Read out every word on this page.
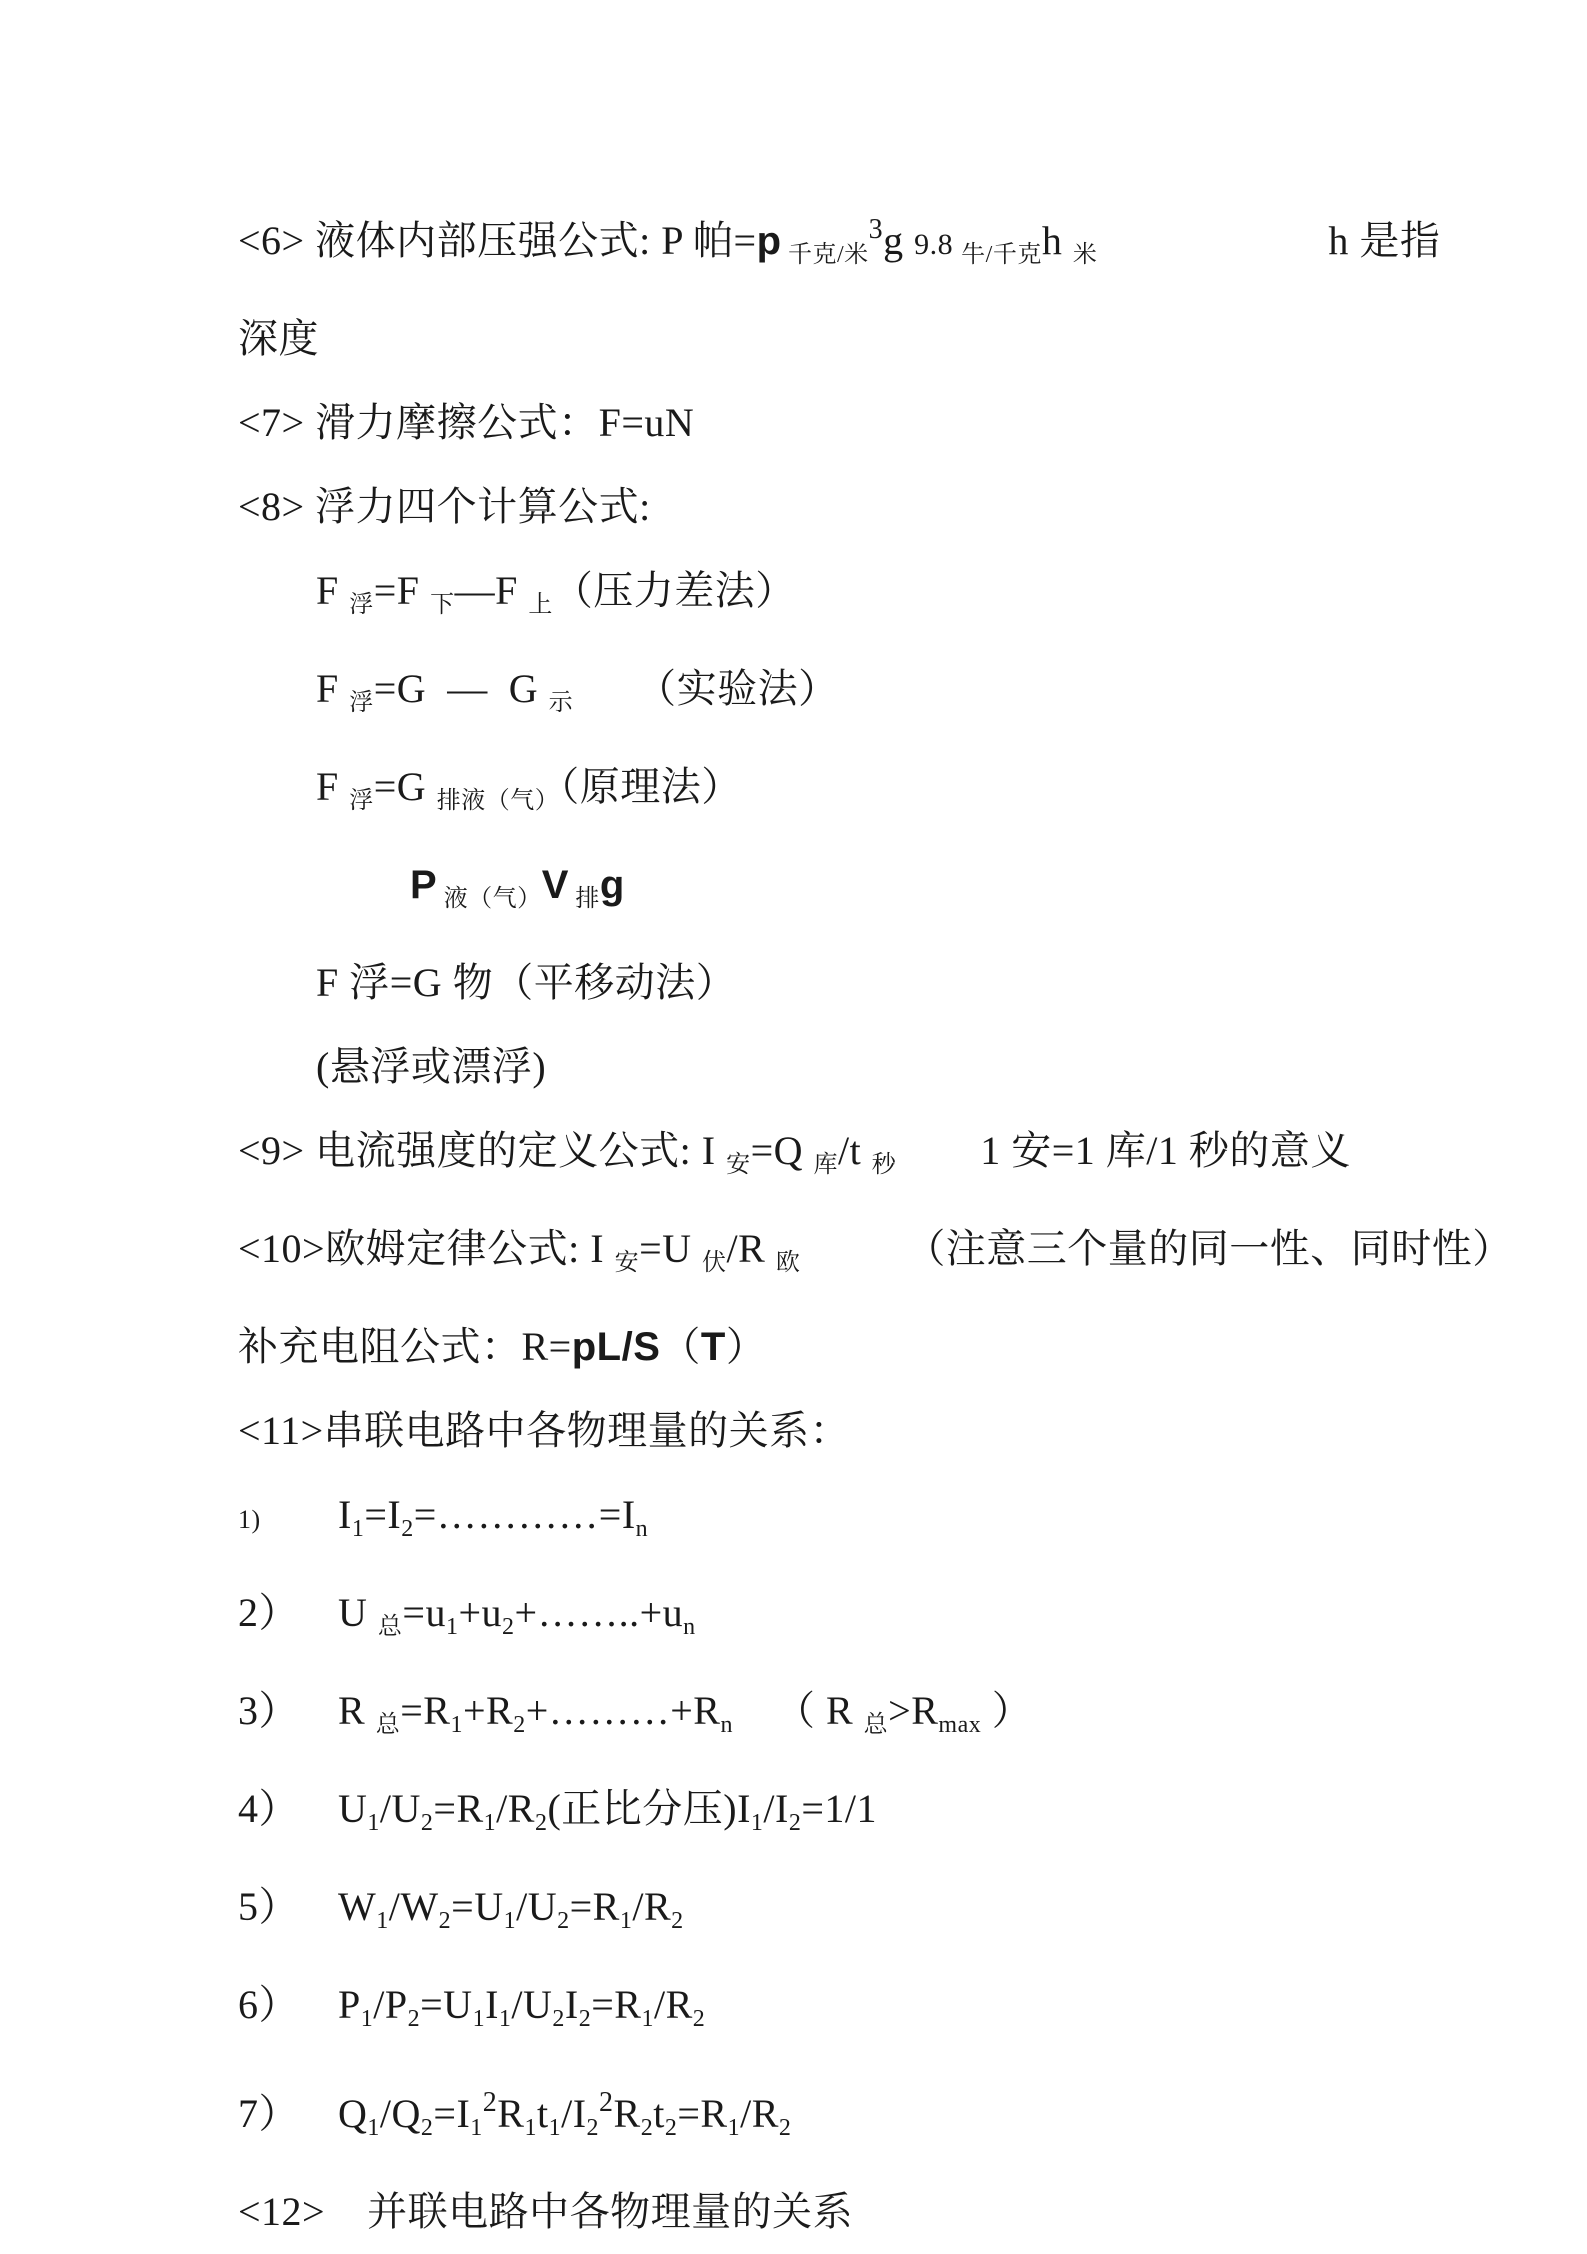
<6> 液体内部压强公式: P 帕=p $_{千克/米}^3$g 9.8 $_{牛/千克}$h $_米$                      h 是指
深度
<7> 滑力摩擦公式：F=uN
<8> 浮力四个计算公式:
F $_浮$=F $_下$—F $_上$（压力差法）
F $_浮$=G  —  G $_示$      （实验法）
F $_浮$=G $_{排液(气)}$（原理法）
P $_{液(气)}$V $_排$g
F 浮=G 物（平移动法）
(悬浮或漂浮)
<9> 电流强度的定义公式: I $_安$=Q $_库$/t $_秒$        1 安=1 库/1 秒的意义
<10>欧姆定律公式: I $_安$=U $_伏$/R $_欧$          （注意三个量的同一性、同时性）
补充电阻公式：R=pL/S（T）
<11>串联电路中各物理量的关系：
1) $I_1=I_2=\dots\dots\dots\dots=I_n$
2） U $_总=u_1+u_2+\dots\dots..+u_n$
3） R $_总=R_1+R_2+\dots\dots\dots+R_n$    （ R $_总>R_{max}$ ）
4） $U_1/U_2=R_1/R_2$(正比分压)$I_1/I_2=1/1$
5） $W_1/W_2=U_1/U_2=R_1/R_2$
6） $P_1/P_2=U_1I_1/U_2I_2=R_1/R_2$
7） $Q_1/Q_2=I_1^2R_1t_1/I_2^2R_2t_2=R_1/R_2$
<12>    并联电路中各物理量的关系
